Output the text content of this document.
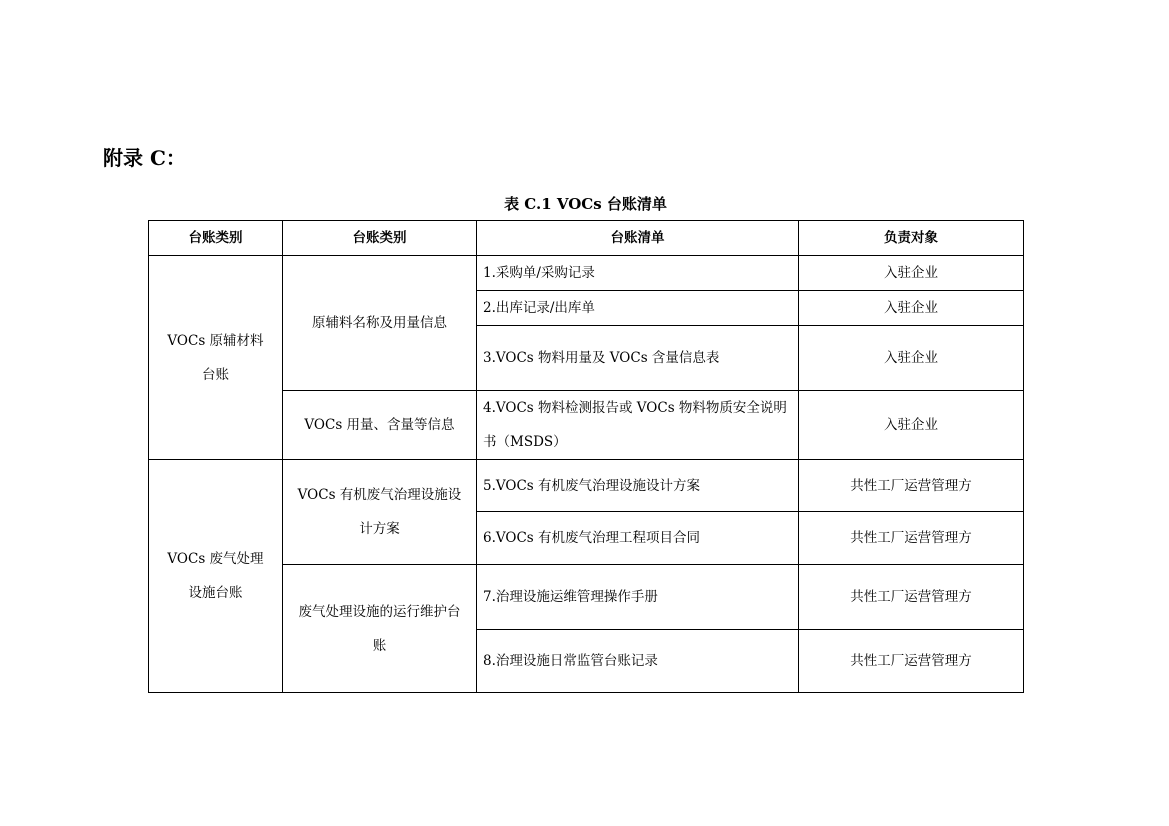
附录 C：
表 C.1 VOCs 台账清单
台账类别	台账类别	台账清单	负责对象

VOCs 原辅材料台账	原辅料名称及用量信息	1.采购单/采购记录	入驻企业
		2.出库记录/出库单	入驻企业
		3.VOCs 物料用量及 VOCs 含量信息表	入驻企业

	VOCs 用量、含量等信息	4.VOCs 物料检测报告或 VOCs 物料物质安全说明书（MSDS）	入驻企业

VOCs 废气处理设施台账	VOCs 有机废气治理设施设计方案	5.VOCs 有机废气治理设施设计方案	共性工厂运营管理方
		6.VOCs 有机废气治理工程项目合同	共性工厂运营管理方

	废气处理设施的运行维护台账	7.治理设施运维管理操作手册	共性工厂运营管理方
		8.治理设施日常监管台账记录	共性工厂运营管理方
